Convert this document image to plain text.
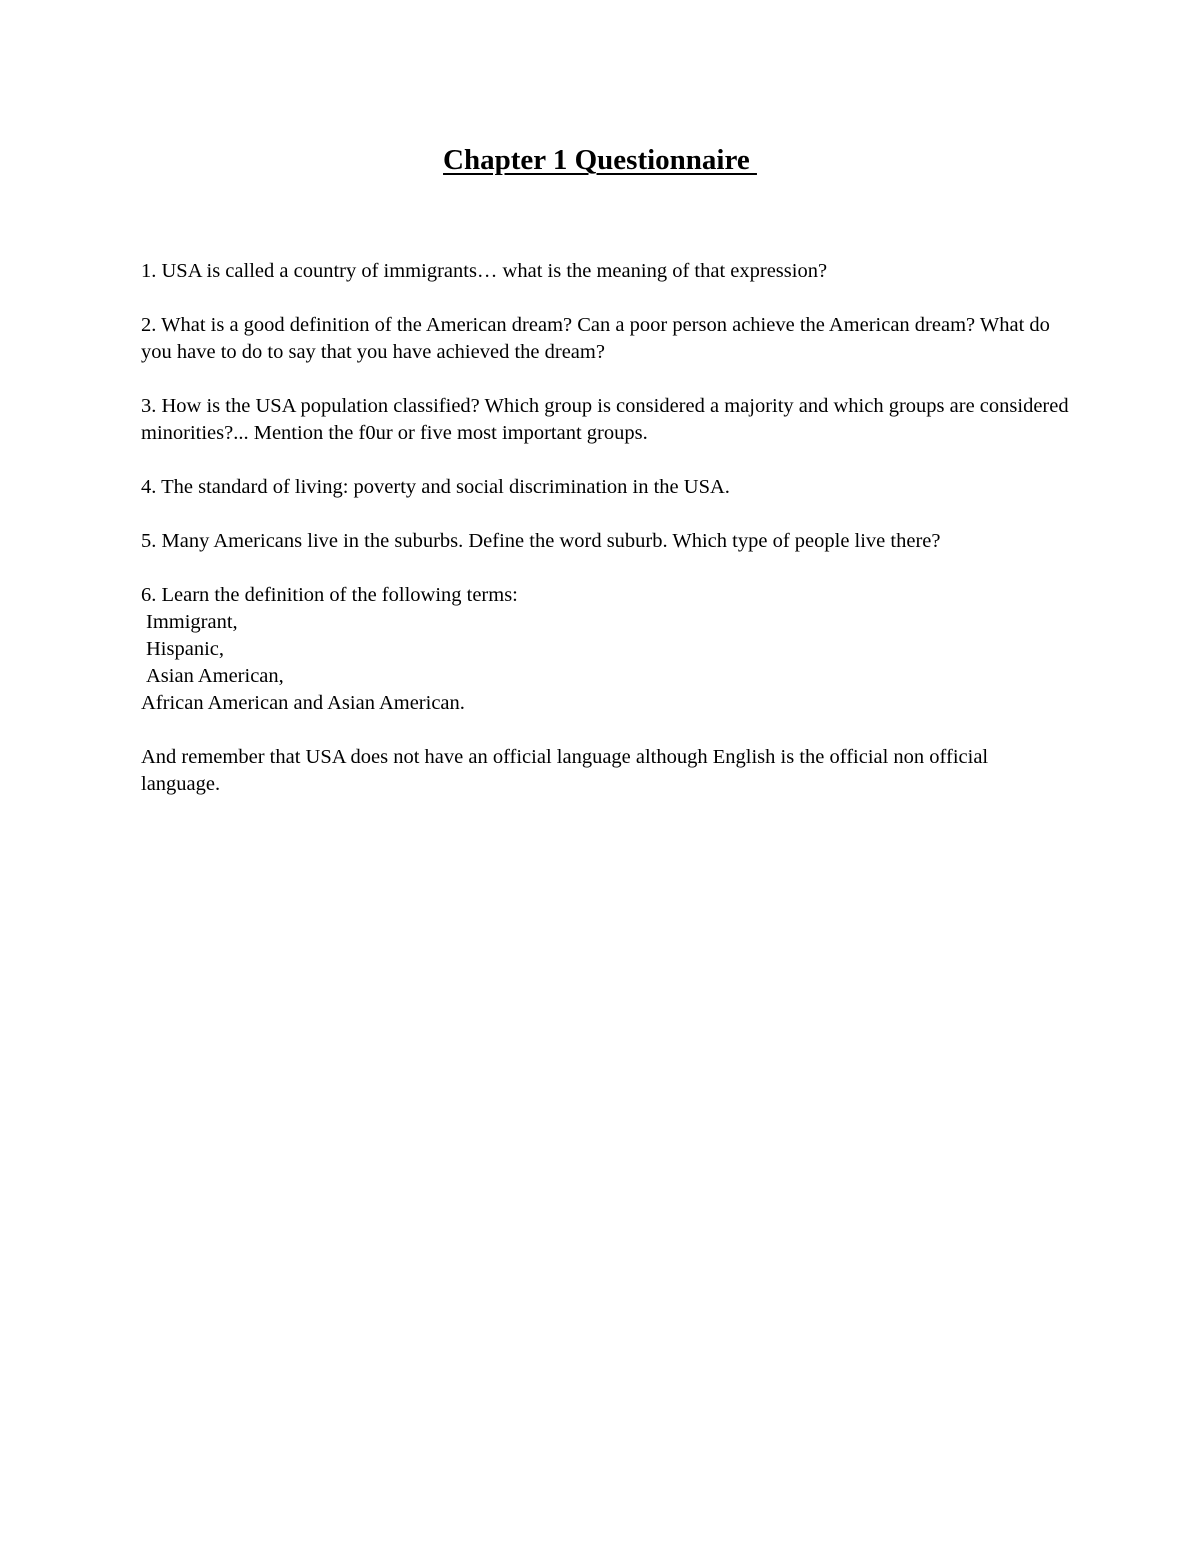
Chapter 1 Questionnaire

1. USA is called a country of immigrants… what is the meaning of that expression?

2. What is a good definition of the American dream? Can a poor person achieve the American dream? What do you have to do to say that you have achieved the dream?

3. How is the USA population classified? Which group is considered a majority and which groups are considered minorities?... Mention the f0ur or five most important groups.

4. The standard of living: poverty and social discrimination in the USA.

5. Many Americans live in the suburbs. Define the word suburb. Which type of people live there?

6. Learn the definition of the following terms:

Immigrant,

Hispanic,

Asian American,

African American and Asian American.

And remember that USA does not have an official language although English is the official non official language.
